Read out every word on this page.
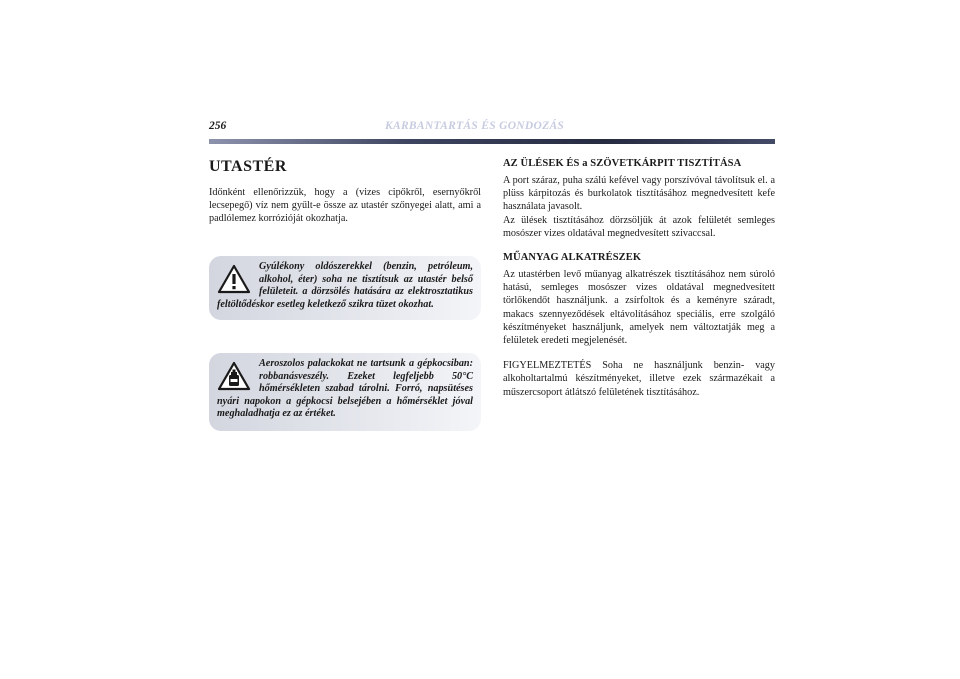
256	KARBANTARTÁS ÉS GONDOZÁS
UTASTÉR

Időnként ellenőrizzük, hogy a (vizes cipőkről, esernyőkről lecsepegő) víz nem gyűlt-e össze az utastér szőnyegei alatt, ami a padlólemez korrózióját okozhatja.

Gyúlékony oldószerekkel (benzin, petróleum, alkohol, éter) soha ne tisztítsuk az utastér belső felületeit. a dörzsölés hatására az elektrosztatikus feltöltődéskor esetleg keletkező szikra tüzet okozhat.

Aeroszolos palackokat ne tartsunk a gépkocsiban: robbanásveszély. Ezeket legfeljebb 50°C hőmérsékleten szabad tárolni. Forró, napsütéses nyári napokon a gépkocsi belsejében a hőmérséklet jóval meghaladhatja ez az értéket.

AZ ÜLÉSEK ÉS a SZÖVETKÁRPIT TISZTÍTÁSA

A port száraz, puha szálú kefével vagy porszívóval távolítsuk el. a plüss kárpitozás és burkolatok tisztításához megnedvesített kefe használata javasolt.

Az ülések tisztításához dörzsöljük át azok felületét semleges mosószer vizes oldatával megnedvesített szivaccsal.

MŰANYAG ALKATRÉSZEK

Az utastérben levő műanyag alkatrészek tisztításához nem súroló hatású, semleges mosószer vizes oldatával megnedvesített törlőkendőt használjunk. a zsírfoltok és a keményre száradt, makacs szennyeződések eltávolításához speciális, erre szolgáló készítményeket használjunk, amelyek nem változtatják meg a felületek eredeti megjelenését.

FIGYELMEZTETÉS Soha ne használjunk benzin- vagy alkoholtartalmú készítményeket, illetve ezek származékait a műszercsoport átlátszó felületének tisztításához.
